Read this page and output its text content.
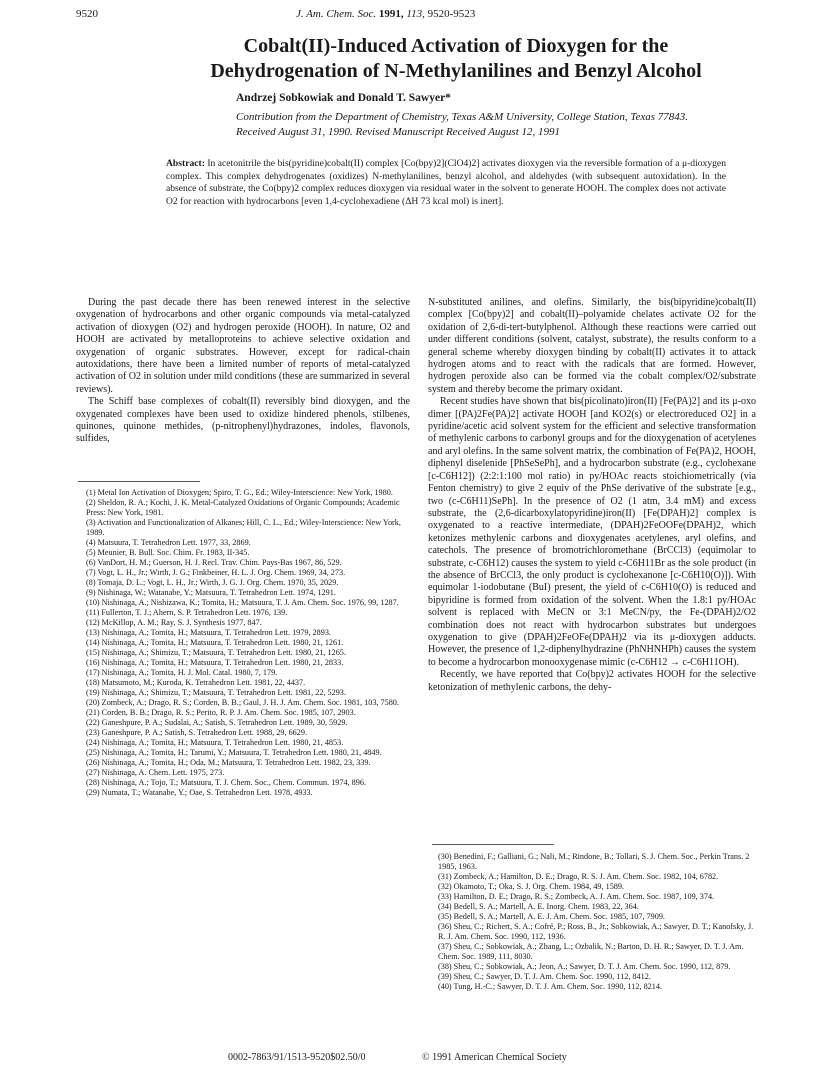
9520	J. Am. Chem. Soc. 1991, 113, 9520-9523
Cobalt(II)-Induced Activation of Dioxygen for the
Dehydrogenation of N-Methylanilines and Benzyl Alcohol
Andrzej Sobkowiak and Donald T. Sawyer*
Contribution from the Department of Chemistry, Texas A&M University, College Station, Texas 77843. Received August 31, 1990. Revised Manuscript Received August 12, 1991
Abstract: In acetonitrile the bis(pyridine)cobalt(II) complex [Co(bpy)2](ClO4)2] activates dioxygen via the reversible formation of a μ-dioxygen complex. This complex dehydrogenates (oxidizes) N-methylanilines, benzyl alcohol, and aldehydes (with subsequent autoxidation). In the absence of substrate, the Co(bpy)2 complex reduces dioxygen via residual water in the solvent to generate HOOH. The complex does not activate O2 for reaction with hydrocarbons [even 1,4-cyclohexadiene (ΔH 73 kcal mol) is inert].

During the past decade there has been renewed interest in the selective oxygenation of hydrocarbons and other organic compounds via metal-catalyzed activation of dioxygen (O2) and hydrogen peroxide (HOOH). In nature, O2 and HOOH are activated by metalloproteins to achieve selective oxidation and oxygenation of organic substrates. However, except for radical-chain autoxidations, there have been a limited number of reports of metal-catalyzed activation of O2 in solution under mild conditions (these are summarized in several reviews).

The Schiff base complexes of cobalt(II) reversibly bind dioxygen, and the oxygenated complexes have been used to oxidize hindered phenols, stilbenes, quinones, quinone methides, (p-nitrophenyl)hydrazones, indoles, flavonols, sulfides,

(1) Metal Ion Activation of Dioxygen; Spiro, T. G., Ed.; Wiley-Interscience: New York, 1980.
(2) Sheldon, R. A.; Kochi, J. K. Metal-Catalyzed Oxidations of Organic Compounds; Academic Press: New York, 1981.
(3) Activation and Functionalization of Alkanes; Hill, C. L., Ed.; Wiley-Interscience: New York, 1989.
(4) Matsuura, T. Tetrahedron Lett. 1977, 33, 2869.
(5) Meunier, B. Bull. Soc. Chim. Fr. 1983, II-345.
(6) VanDort, H. M.; Guerson, H. J. Recl. Trav. Chim. Pays-Bas 1967, 86, 529.
(7) Vogt, L. H., Jr.; Wirth, J. G.; Finkbeiner, H. L. J. Org. Chem. 1969, 34, 273.
(8) Tomaja, D. L.; Vogt, L. H., Jr.; Wirth, J. G. J. Org. Chem. 1970, 35, 2029.
(9) Nishinaga, W.; Watanabe, Y.; Matsuura, T. Tetrahedron Lett. 1974, 1291.
(10) Nishinaga, A.; Nishizawa, K.; Tomita, H.; Matsuura, T. J. Am. Chem. Soc. 1976, 99, 1287.
(11) Fullerton, T. J.; Ahern, S. P. Tetrahedron Lett. 1976, 139.
(12) McKillop, A. M.; Ray, S. J. Synthesis 1977, 847.
(13) Nishinaga, A.; Tomita, H.; Matsuura, T. Tetrahedron Lett. 1979, 2893.
(14) Nishinaga, A.; Tomita, H.; Matsuura, T. Tetrahedron Lett. 1980, 21, 1261.
(15) Nishinaga, A.; Shimizu, T.; Matsuura, T. Tetrahedron Lett. 1980, 21, 1265.
(16) Nishinaga, A.; Tomita, H.; Matsuura, T. Tetrahedron Lett. 1980, 21, 2833.
(17) Nishinaga, A.; Tomita, H. J. Mol. Catal. 1980, 7, 179.
(18) Matsumoto, M.; Kuroda, K. Tetrahedron Lett. 1981, 22, 4437.
(19) Nishinaga, A.; Shimizu, T.; Matsuura, T. Tetrahedron Lett. 1981, 22, 5293.
(20) Zombeck, A.; Drago, R. S.; Corden, B. B.; Gaul, J. H. J. Am. Chem. Soc. 1981, 103, 7580.
(21) Corden, B. B.; Drago, R. S.; Perito, R. P. J. Am. Chem. Soc. 1985, 107, 2903.
(22) Ganeshpure, P. A.; Sudalai, A.; Satish, S. Tetrahedron Lett. 1989, 30, 5929.
(23) Ganeshpure, P. A.; Satish, S. Tetrahedron Lett. 1988, 29, 6629.
(24) Nishinaga, A.; Tomita, H.; Matsuura, T. Tetrahedron Lett. 1980, 21, 4853.
(25) Nishinaga, A.; Tomita, H.; Tarumi, Y.; Matsuura, T. Tetrahedron Lett. 1980, 21, 4849.
(26) Nishinaga, A.; Tomita, H.; Oda, M.; Matsuura, T. Tetrahedron Lett. 1982, 23, 339.
(27) Nishinaga, A. Chem. Lett. 1975, 273.
(28) Nishinaga, A.; Tojo, T.; Matsuura, T. J. Chem. Soc., Chem. Commun. 1974, 896.
(29) Numata, T.; Watanabe, Y.; Oae, S. Tetrahedron Lett. 1978, 4933.

N-substituted anilines, and olefins. Similarly, the bis(bipyridine)cobalt(II) complex [Co(bpy)2] and cobalt(II)–polyamide chelates activate O2 for the oxidation of 2,6-di-tert-butylphenol. Although these reactions were carried out under different conditions (solvent, catalyst, substrate), the results conform to a general scheme whereby dioxygen binding by cobalt(II) activates it to attack hydrogen atoms and to react with the radicals that are formed. However, hydrogen peroxide also can be formed via the cobalt complex/O2/substrate system and thereby become the primary oxidant.

Recent studies have shown that bis(picolinato)iron(II) [Fe(PA)2] and its μ-oxo dimer [(PA)2Fe(PA)2] activate HOOH [and KO2(s) or electroreduced O2] in a pyridine/acetic acid solvent system for the efficient and selective transformation of methylenic carbons to carbonyl groups and for the dioxygenation of acetylenes and aryl olefins. In the same solvent matrix, the combination of Fe(PA)2, HOOH, diphenyl diselenide [PhSeSePh], and a hydrocarbon substrate (e.g., cyclohexane [c-C6H12]) (2:2:1:100 mol ratio) in py/HOAc reacts stoichiometrically (via Fenton chemistry) to give 2 equiv of the PhSe derivative of the substrate [e.g., two (c-C6H11)SePh]. In the presence of O2 (1 atm, 3.4 mM) and excess substrate, the (2,6-dicarboxylatopyridine)iron(II) [Fe(DPAH)2] complex is oxygenated to a reactive intermediate, (DPAH)2FeOOFe(DPAH)2, which ketonizes methylenic carbons and dioxygenates acetylenes, aryl olefins, and catechols. The presence of bromotrichloromethane (BrCCl3) (equimolar to substrate, c-C6H12) causes the system to yield c-C6H11Br as the sole product (in the absence of BrCCl3, the only product is cyclohexanone [c-C6H10(O)]). With equimolar 1-iodobutane (BuI) present, the yield of c-C6H10(O) is reduced and bipyridine is formed from oxidation of the solvent. When the 1.8:1 py/HOAc solvent is replaced with MeCN or 3:1 MeCN/py, the Fe-(DPAH)2/O2 combination does not react with hydrocarbon substrates but undergoes oxygenation to give (DPAH)2FeOFe(DPAH)2 via its μ-dioxygen adducts. However, the presence of 1,2-diphenylhydrazine (PhNHNHPh) causes the system to become a hydrocarbon monooxygenase mimic (c-C6H12 → c-C6H11OH).

Recently, we have reported that Co(bpy)2 activates HOOH for the selective ketonization of methylenic carbons, the dehy-

(30) Benedini, F.; Galliani, G.; Nali, M.; Rindone, B.; Tollari, S. J. Chem. Soc., Perkin Trans. 2 1985, 1963.
(31) Zombeck, A.; Hamilton, D. E.; Drago, R. S. J. Am. Chem. Soc. 1982, 104, 6782.
(32) Okamoto, T.; Oka, S. J. Org. Chem. 1984, 49, 1589.
(33) Hamilton, D. E.; Drago, R. S.; Zombeck, A. J. Am. Chem. Soc. 1987, 109, 374.
(34) Bedell, S. A.; Martell, A. E. Inorg. Chem. 1983, 22, 364.
(35) Bedell, S. A.; Martell, A. E. J. Am. Chem. Soc. 1985, 107, 7909.
(36) Sheu, C.; Richert, S. A.; Cofré, P.; Ross, B., Jr.; Sobkowiak, A.; Sawyer, D. T.; Kanofsky, J. R. J. Am. Chem. Soc. 1990, 112, 1936.
(37) Sheu, C.; Sobkowiak, A.; Zhang, L.; Ozbalik, N.; Barton, D. H. R.; Sawyer, D. T. J. Am. Chem. Soc. 1989, 111, 8030.
(38) Sheu, C.; Sobkowiak, A.; Jeon, A.; Sawyer, D. T. J. Am. Chem. Soc. 1990, 112, 879.
(39) Sheu, C.; Sawyer, D. T. J. Am. Chem. Soc. 1990, 112, 8412.
(40) Tung, H.-C.; Sawyer, D. T. J. Am. Chem. Soc. 1990, 112, 8214.
0002-7863/91/1513-9520$02.50/0	© 1991 American Chemical Society
